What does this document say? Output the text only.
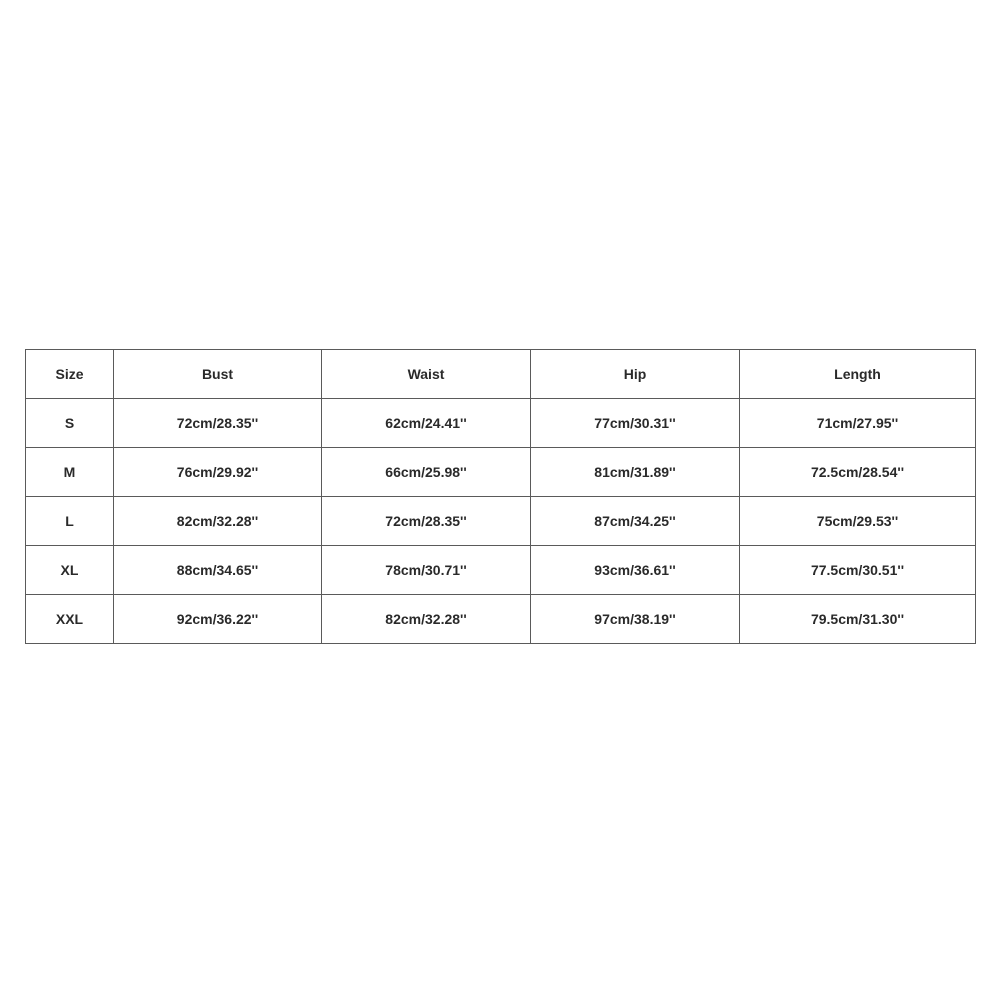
Size	Bust	Waist	Hip	Length
S	72cm/28.35''	62cm/24.41''	77cm/30.31''	71cm/27.95''
M	76cm/29.92''	66cm/25.98''	81cm/31.89''	72.5cm/28.54''
L	82cm/32.28''	72cm/28.35''	87cm/34.25''	75cm/29.53''
XL	88cm/34.65''	78cm/30.71''	93cm/36.61''	77.5cm/30.51''
XXL	92cm/36.22''	82cm/32.28''	97cm/38.19''	79.5cm/31.30''
